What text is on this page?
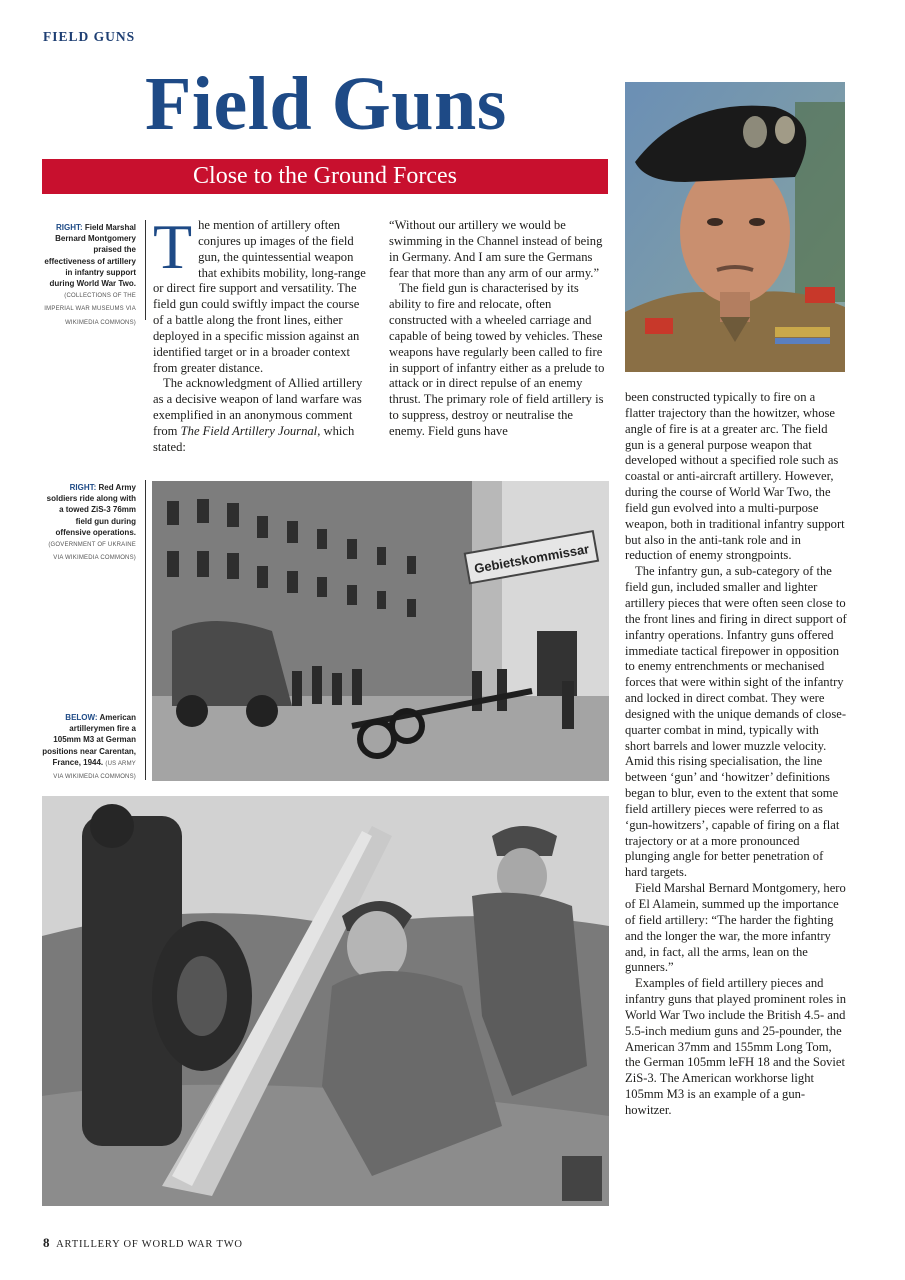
FIELD GUNS
Field Guns
Close to the Ground Forces
RIGHT: Field Marshal Bernard Montgomery praised the effectiveness of artillery in infantry support during World War Two. (COLLECTIONS OF THE IMPERIAL WAR MUSEUMS VIA WIKIMEDIA COMMONS)
RIGHT: Red Army soldiers ride along with a towed ZiS-3 76mm field gun during offensive operations. (GOVERNMENT OF UKRAINE VIA WIKIMEDIA COMMONS)
BELOW: American artillerymen fire a 105mm M3 at German positions near Carentan, France, 1944. (US ARMY VIA WIKIMEDIA COMMONS)

The mention of artillery often conjures up images of the field gun, the quintessential weapon that exhibits mobility, long-range or direct fire support and versatility. The field gun could swiftly impact the course of a battle along the front lines, either deployed in a specific mission against an identified target or in a broader context from greater distance.

The acknowledgment of Allied artillery as a decisive weapon of land warfare was exemplified in an anonymous comment from The Field Artillery Journal, which stated:

“Without our artillery we would be swimming in the Channel instead of being in Germany. And I am sure the Germans fear that more than any arm of our army.”

The field gun is characterised by its ability to fire and relocate, often constructed with a wheeled carriage and capable of being towed by vehicles. These weapons have regularly been called to fire in support of infantry either as a prelude to attack or in direct repulse of an enemy thrust. The primary role of field artillery is to suppress, destroy or neutralise the enemy. Field guns have

been constructed typically to fire on a flatter trajectory than the howitzer, whose angle of fire is at a greater arc. The field gun is a general purpose weapon that developed without a specified role such as coastal or anti-aircraft artillery. However, during the course of World War Two, the field gun evolved into a multi-purpose weapon, both in traditional infantry support but also in the anti-tank role and in reduction of enemy strongpoints.

The infantry gun, a sub-category of the field gun, included smaller and lighter artillery pieces that were often seen close to the front lines and firing in direct support of infantry operations. Infantry guns offered immediate tactical firepower in opposition to enemy entrenchments or mechanised forces that were within sight of the infantry and locked in direct combat. They were designed with the unique demands of close-quarter combat in mind, typically with short barrels and lower muzzle velocity. Amid this rising specialisation, the line between ‘gun’ and ‘howitzer’ definitions began to blur, even to the extent that some field artillery pieces were referred to as ‘gun-howitzers’, capable of firing on a flat trajectory or at a more pronounced plunging angle for better penetration of hard targets.

Field Marshal Bernard Montgomery, hero of El Alamein, summed up the importance of field artillery: “The harder the fighting and the longer the war, the more infantry and, in fact, all the arms, lean on the gunners.”

Examples of field artillery pieces and infantry guns that played prominent roles in World War Two include the British 4.5- and 5.5-inch medium guns and 25-pounder, the American 37mm and 155mm Long Tom, the German 105mm leFH 18 and the Soviet ZiS-3. The American workhorse light 105mm M3 is an example of a gun-howitzer.

Gebietskommissar
8 ARTILLERY OF WORLD WAR TWO
